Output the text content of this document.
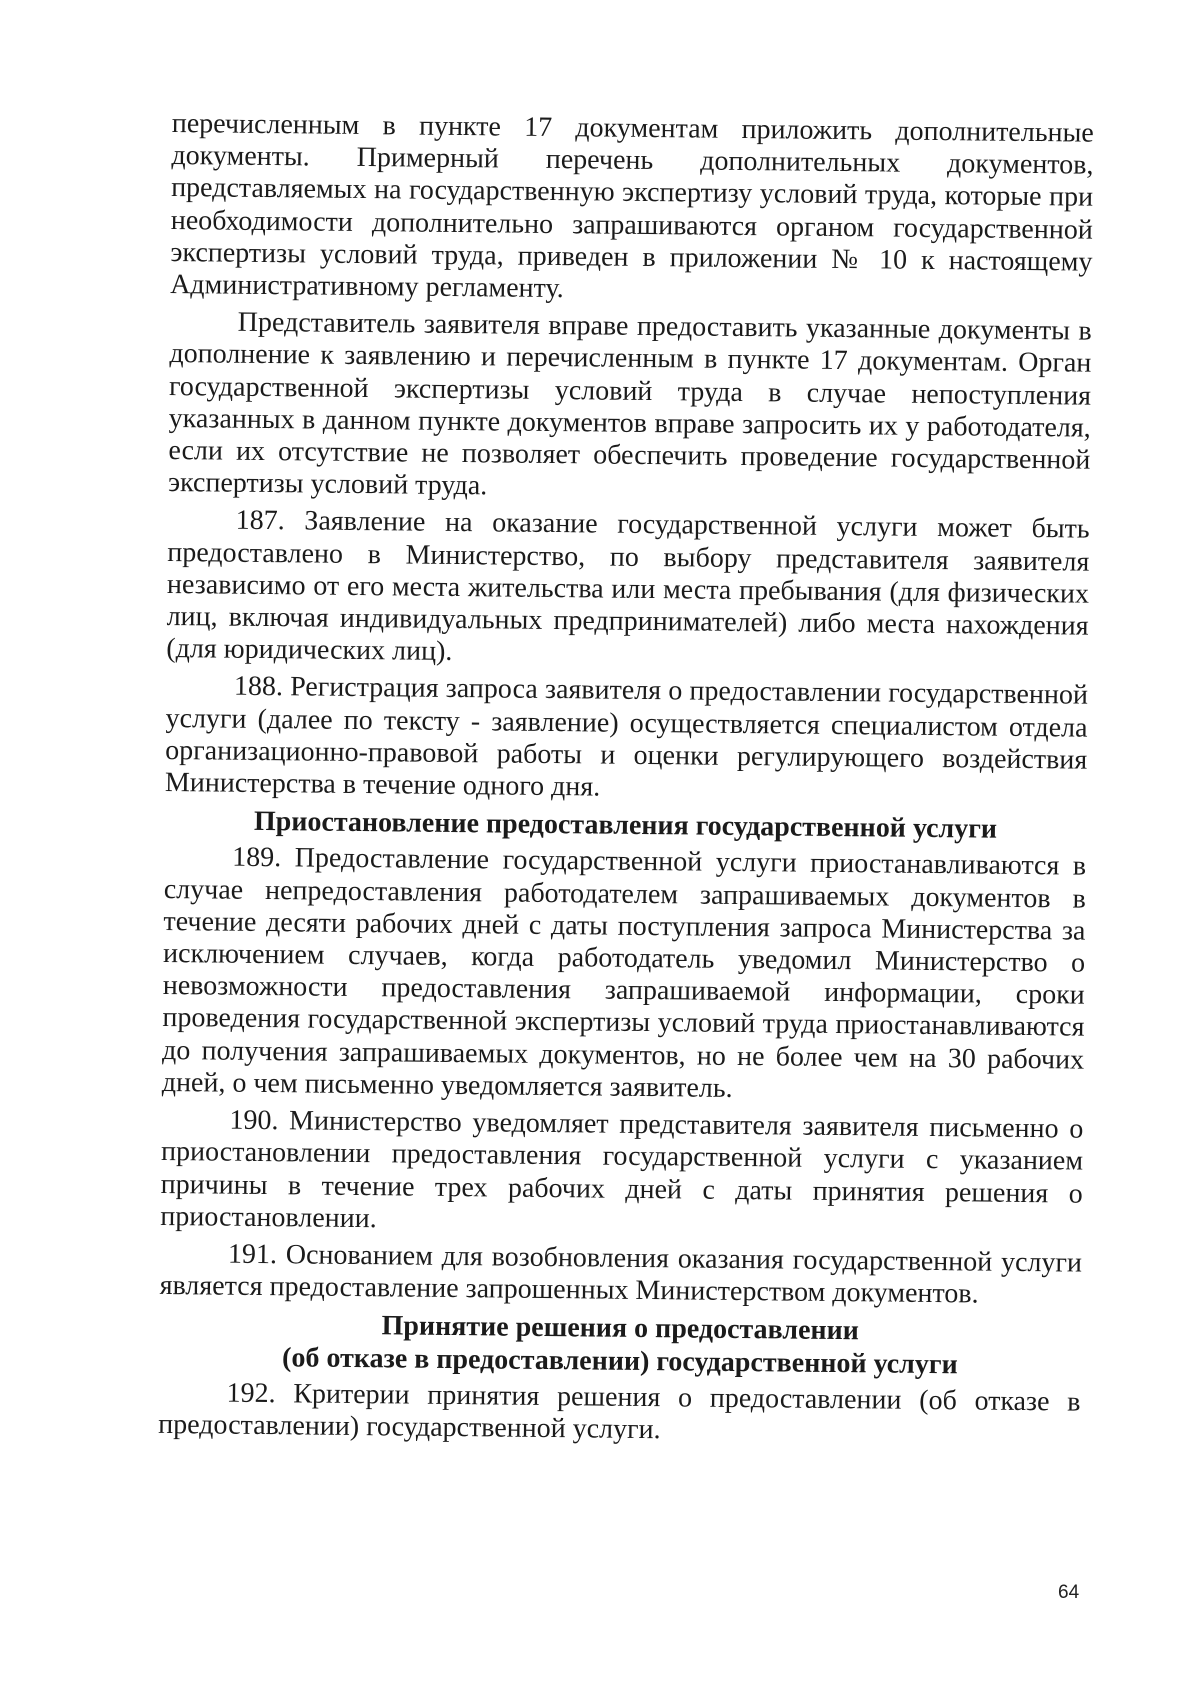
перечисленным в пункте 17 документам приложить дополнительные документы. Примерный перечень дополнительных документов, представляемых на государственную экспертизу условий труда, которые при необходимости дополнительно запрашиваются органом государственной экспертизы условий труда, приведен в приложении № 10 к настоящему Административному регламенту.

Представитель заявителя вправе предоставить указанные документы в дополнение к заявлению и перечисленным в пункте 17 документам. Орган государственной экспертизы условий труда в случае непоступления указанных в данном пункте документов вправе запросить их у работодателя, если их отсутствие не позволяет обеспечить проведение государственной экспертизы условий труда.

187. Заявление на оказание государственной услуги может быть предоставлено в Министерство, по выбору представителя заявителя независимо от его места жительства или места пребывания (для физических лиц, включая индивидуальных предпринимателей) либо места нахождения (для юридических лиц).

188. Регистрация запроса заявителя о предоставлении государственной услуги (далее по тексту - заявление) осуществляется специалистом отдела организационно-правовой работы и оценки регулирующего воздействия Министерства в течение одного дня.

Приостановление предоставления государственной услуги

189. Предоставление государственной услуги приостанавливаются в случае непредоставления работодателем запрашиваемых документов в течение десяти рабочих дней с даты поступления запроса Министерства за исключением случаев, когда работодатель уведомил Министерство о невозможности предоставления запрашиваемой информации, сроки проведения государственной экспертизы условий труда приостанавливаются до получения запрашиваемых документов, но не более чем на 30 рабочих дней, о чем письменно уведомляется заявитель.

190. Министерство уведомляет представителя заявителя письменно о приостановлении предоставления государственной услуги с указанием причины в течение трех рабочих дней с даты принятия решения о приостановлении.

191. Основанием для возобновления оказания государственной услуги является предоставление запрошенных Министерством документов.

Принятие решения о предоставлении
(об отказе в предоставлении) государственной услуги

192. Критерии принятия решения о предоставлении (об отказе в предоставлении) государственной услуги.

64
